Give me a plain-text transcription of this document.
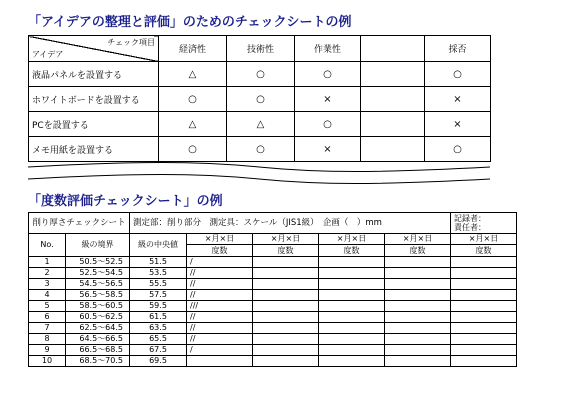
「アイデアの整理と評価」のためのチェックシートの例
チェック項目
アイデア	経済性	技術性	作業性		採否
液晶パネルを設置する	△	○	○		○
ホワイトボードを設置する	○	○	×		×
PCを設置する	△	△	○		×
メモ用紙を設置する	○	○	×		○
「度数評価チェックシート」の例
削り厚さチェックシート		測定部：削り部分　測定具：スケール（JIS1級）　企画（　）mm					記録者：
責任者：

No.	級の境界	級の中央値	×月×日	×月×日	×月×日	×月×日	×月×日
			度数	度数	度数	度数	度数
1	50.5～52.5	51.5	/				
2	52.5～54.5	53.5	//				
3	54.5～56.5	55.5	//				
4	56.5～58.5	57.5	//				
5	58.5～60.5	59.5	///				
6	60.5～62.5	61.5	//				
7	62.5～64.5	63.5	//				
8	64.5～66.5	65.5	//				
9	66.5～68.5	67.5	/				
10	68.5～70.5	69.5					
